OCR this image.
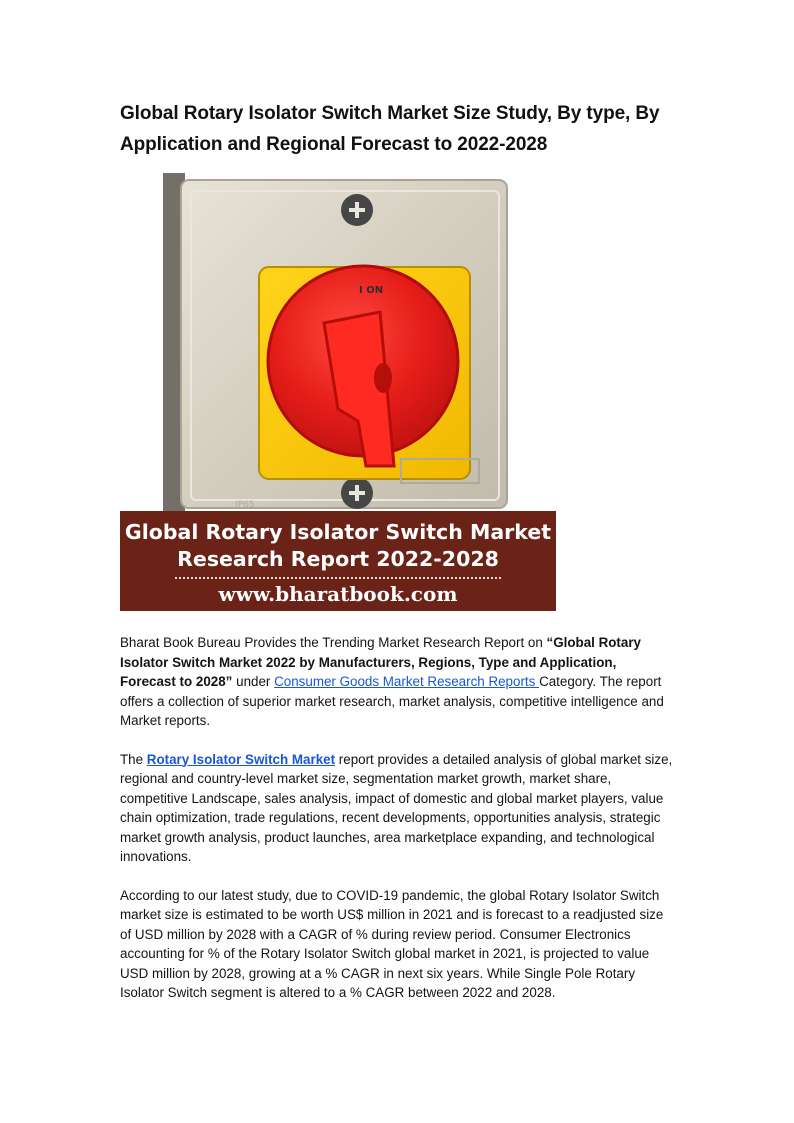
Global Rotary Isolator Switch Market Size Study, By type, By Application and Regional Forecast to 2022-2028
I ON
IP65
Global Rotary Isolator Switch Market
Research Report 2022-2028
www.bharatbook.com

Bharat Book Bureau Provides the Trending Market Research Report on “Global Rotary Isolator Switch Market 2022 by Manufacturers, Regions, Type and Application, Forecast to 2028” under Consumer Goods Market Research Reports Category. The report offers a collection of superior market research, market analysis, competitive intelligence and Market reports.

The Rotary Isolator Switch Market report provides a detailed analysis of global market size, regional and country-level market size, segmentation market growth, market share, competitive Landscape, sales analysis, impact of domestic and global market players, value chain optimization, trade regulations, recent developments, opportunities analysis, strategic market growth analysis, product launches, area marketplace expanding, and technological innovations.

According to our latest study, due to COVID-19 pandemic, the global Rotary Isolator Switch market size is estimated to be worth US$ million in 2021 and is forecast to a readjusted size of USD million by 2028 with a CAGR of % during review period. Consumer Electronics accounting for % of the Rotary Isolator Switch global market in 2021, is projected to value USD million by 2028, growing at a % CAGR in next six years. While Single Pole Rotary Isolator Switch segment is altered to a % CAGR between 2022 and 2028.
